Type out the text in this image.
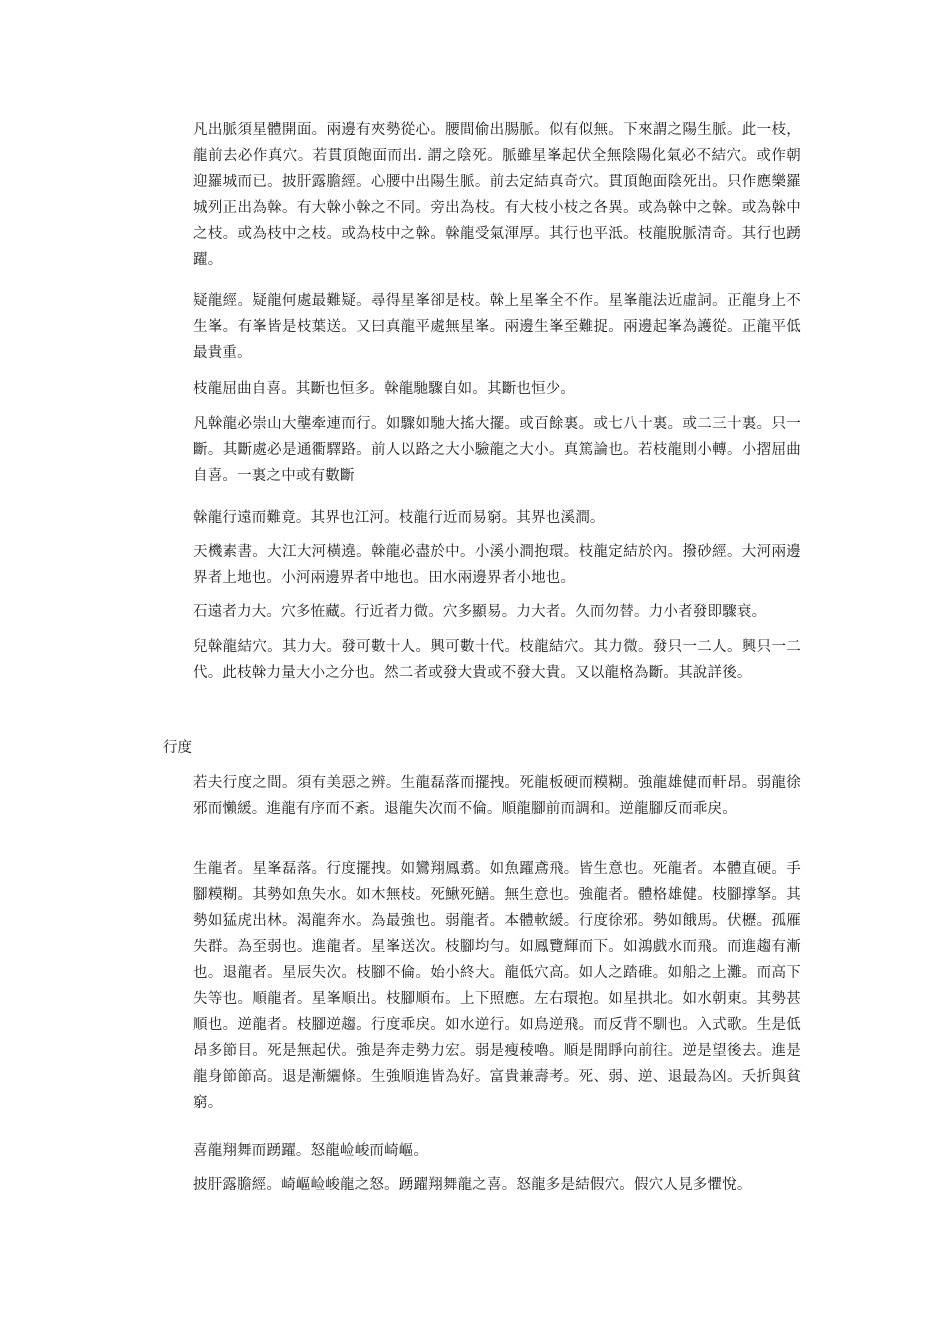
凡出脈須星體開面。兩邊有夾勢從心。腰間偷出腸脈。似有似無。下來謂之陽生脈。此一枝，龍前去必作真穴。若貫頂飽面而出. 謂之陰死。脈雖星峯起伏全無陰陽化氣必不結穴。或作朝迎羅城而已。披肝露膽經。心腰中出陽生脈。前去定結真奇穴。貫頂飽面陰死出。只作應樂羅城列正出為榦。有大榦小榦之不同。旁出為枝。有大枝小枝之各異。或為榦中之榦。或為榦中之枝。或為枝中之枝。或為枝中之榦。榦龍受氣渾厚。其行也平泜。枝龍脫脈清奇。其行也踴躍。

疑龍經。疑龍何處最難疑。尋得星峯卻是枝。榦上星峯全不作。星峯龍法近虛詞。正龍身上不生峯。有峯皆是枝葉送。又曰真龍平處無星峯。兩邊生峯至難捉。兩邊起峯為護從。正龍平低最貴重。

枝龍屈曲自喜。其斷也恒多。榦龍馳驟自如。其斷也恒少。

凡榦龍必崇山大壟牽連而行。如驟如馳大搖大擺。或百餘裏。或七八十裏。或二三十裏。只一斷。其斷處必是通衢驛路。前人以路之大小驗龍之大小。真篤論也。若枝龍則小轉。小摺屈曲自喜。一裏之中或有數斷

榦龍行遠而難竟。其界也江河。枝龍行近而易窮。其界也溪澗。

天機素書。大江大河橫遶。榦龍必盡於中。小溪小澗抱環。枝龍定結於內。撥砂經。大河兩邊界者上地也。小河兩邊界者中地也。田水兩邊界者小地也。

石遠者力大。穴多恠藏。行近者力微。穴多顯易。力大者。久而勿替。力小者發即驟衰。

兒榦龍結穴。其力大。發可數十人。興可數十代。枝龍結穴。其力微。發只一二人。興只一二代。此枝榦力量大小之分也。然二者或發大貴或不發大貴。又以龍格為斷。其說詳後。

行度

若夫行度之間。須有美惡之辨。生龍磊落而擺拽。死龍板硬而糢糊。強龍雄健而軒昂。弱龍徐邪而懶緩。進龍有序而不紊。退龍失次而不倫。順龍腳前而調和。逆龍腳反而乖戾。

生龍者。星峯磊落。行度擺拽。如鸞翔鳳翥。如魚躍鳶飛。皆生意也。死龍者。本體直硬。手腳糢糊。其勢如魚失水。如木無枝。死鰍死鱔。無生意也。強龍者。體格雄健。枝腳撑拏。其勢如猛虎出林。渴龍奔水。為最強也。弱龍者。本體軟緩。行度徐邪。勢如餓馬。伏櫪。孤雁失群。為至弱也。進龍者。星峯送次。枝腳均勻。如鳳覽輝而下。如鴻戲水而飛。而進趨有漸也。退龍者。星辰失次。枝腳不倫。始小終大。龍低穴高。如人之踏碓。如船之上灘。而高下失等也。順龍者。星峯順出。枝腳順布。上下照應。左右環抱。如星拱北。如水朝東。其勢甚順也。逆龍者。枝腳逆趨。行度乖戾。如水逆行。如鳥逆飛。而反背不馴也。入式歌。生是低昂多節目。死是無起伏。強是奔走勢力宏。弱是瘦稜嚕。順是閒睜向前往。逆是望後去。進是龍身節節高。退是漸纚條。生強順進皆為好。富貴兼壽考。死、弱、逆、退最為凶。夭折與貧窮。

喜龍翔舞而踴躍。怒龍崄峻而崎嶇。

披肝露膽經。崎嶇崄峻龍之怒。踴躍翔舞龍之喜。怒龍多是結假穴。假穴人見多懼悅。
